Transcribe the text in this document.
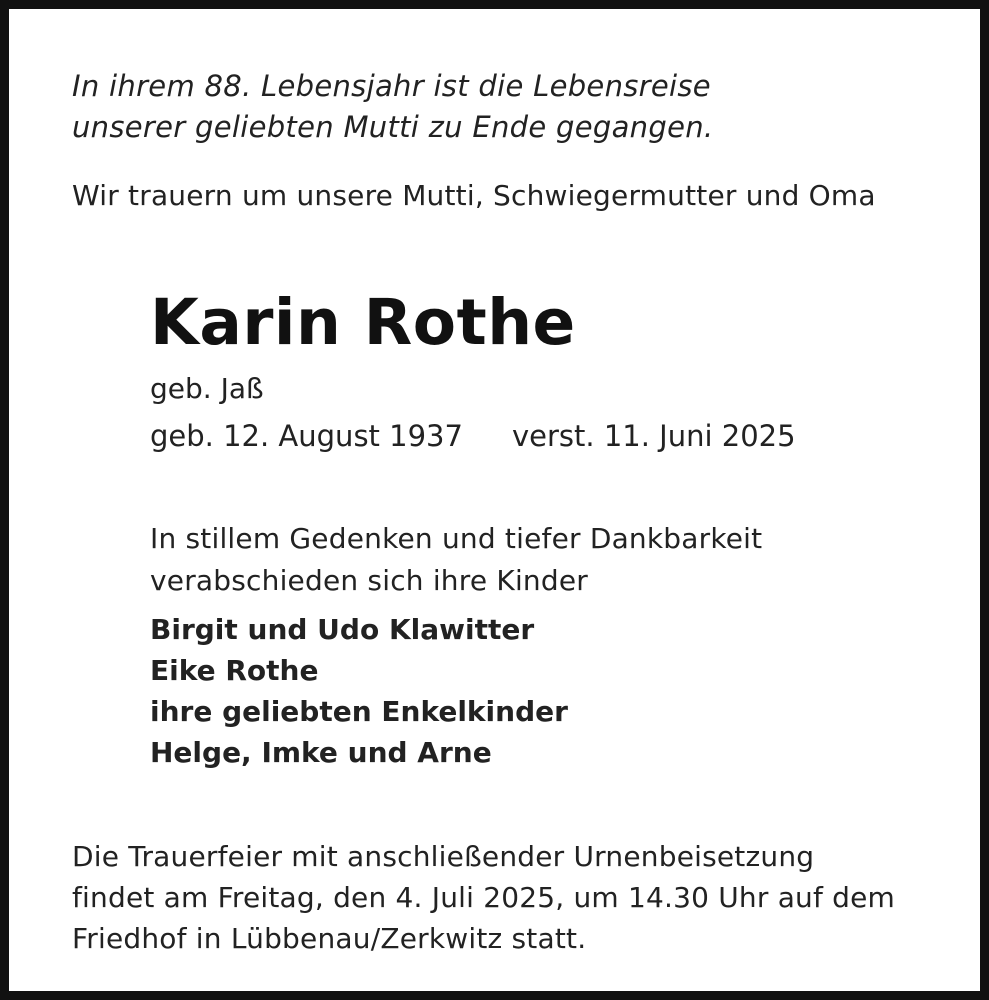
In ihrem 88. Lebensjahr ist die Lebensreise
unserer geliebten Mutti zu Ende gegangen.
Wir trauern um unsere Mutti, Schwiegermutter und Oma
Karin Rothe
geb. Jaß
geb. 12. August 1937 verst. 11. Juni 2025
In stillem Gedenken und tiefer Dankbarkeit
verabschieden sich ihre Kinder
Birgit und Udo Klawitter
Eike Rothe
ihre geliebten Enkelkinder
Helge, Imke und Arne
Die Trauerfeier mit anschließender Urnenbeisetzung
findet am Freitag, den 4. Juli 2025, um 14.30 Uhr auf dem
Friedhof in Lübbenau/Zerkwitz statt.
